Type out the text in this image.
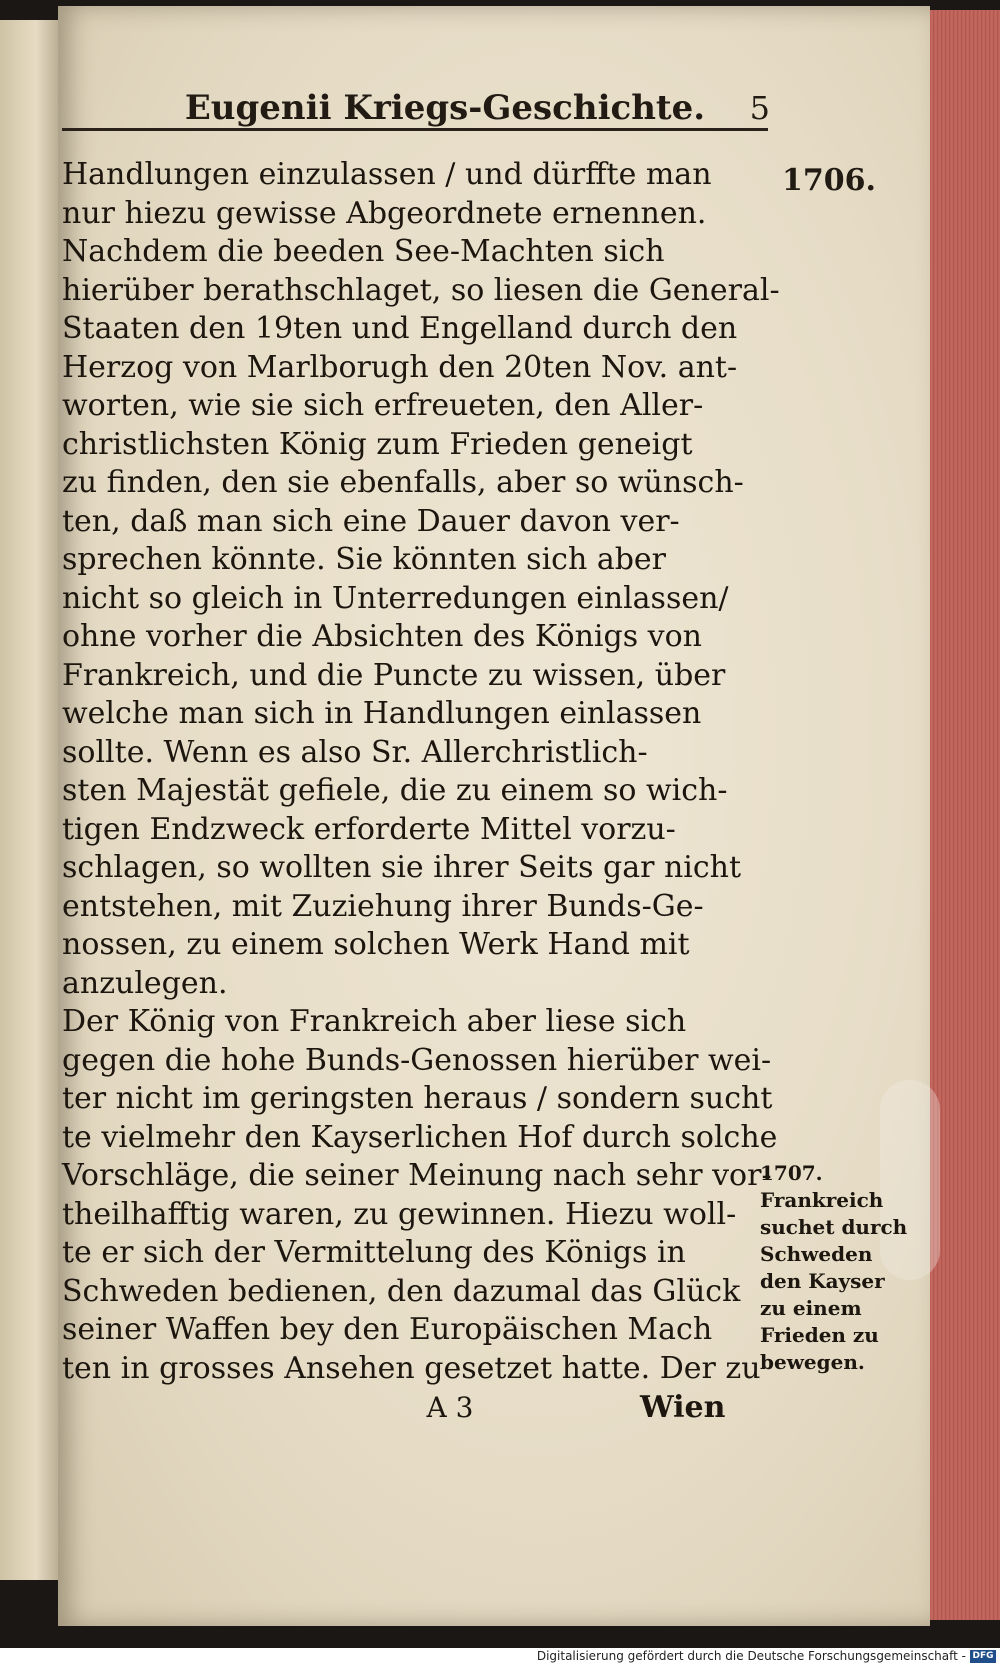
Eugenii Kriegs-Geschichte.	5
1706.
Handlungen einzulassen / und dürffte man
nur hiezu gewisse Abgeordnete ernennen.
Nachdem die beeden See-Machten sich
hierüber berathschlaget, so liesen die General-
Staaten den 19ten und Engelland durch den
Herzog von Marlborugh den 20ten Nov. ant-
worten, wie sie sich erfreueten, den Aller-
christlichsten König zum Frieden geneigt
zu finden, den sie ebenfalls, aber so wünsch-
ten, daß man sich eine Dauer davon ver-
sprechen könnte. Sie könnten sich aber
nicht so gleich in Unterredungen einlassen/
ohne vorher die Absichten des Königs von
Frankreich, und die Puncte zu wissen, über
welche man sich in Handlungen einlassen
sollte. Wenn es also Sr. Allerchristlich-
sten Majestät gefiele, die zu einem so wich-
tigen Endzweck erforderte Mittel vorzu-
schlagen, so wollten sie ihrer Seits gar nicht
entstehen, mit Zuziehung ihrer Bunds-Ge-
nossen, zu einem solchen Werk Hand mit
anzulegen.
Der König von Frankreich aber liese sich
gegen die hohe Bunds-Genossen hierüber wei-
ter nicht im geringsten heraus / sondern sucht
te vielmehr den Kayserlichen Hof durch solche
Vorschläge, die seiner Meinung nach sehr vor-
theilhafftig waren, zu gewinnen. Hiezu woll-
te er sich der Vermittelung des Königs in
Schweden bedienen, den dazumal das Glück
seiner Waffen bey den Europäischen Mach
ten in grosses Ansehen gesetzet hatte. Der zu
1707.
Frankreich
suchet durch
Schweden
den Kayser
zu einem
Frieden zu
bewegen.
A 3	Wien
Digitalisierung gefördert durch die Deutsche Forschungsgemeinschaft - DFG
